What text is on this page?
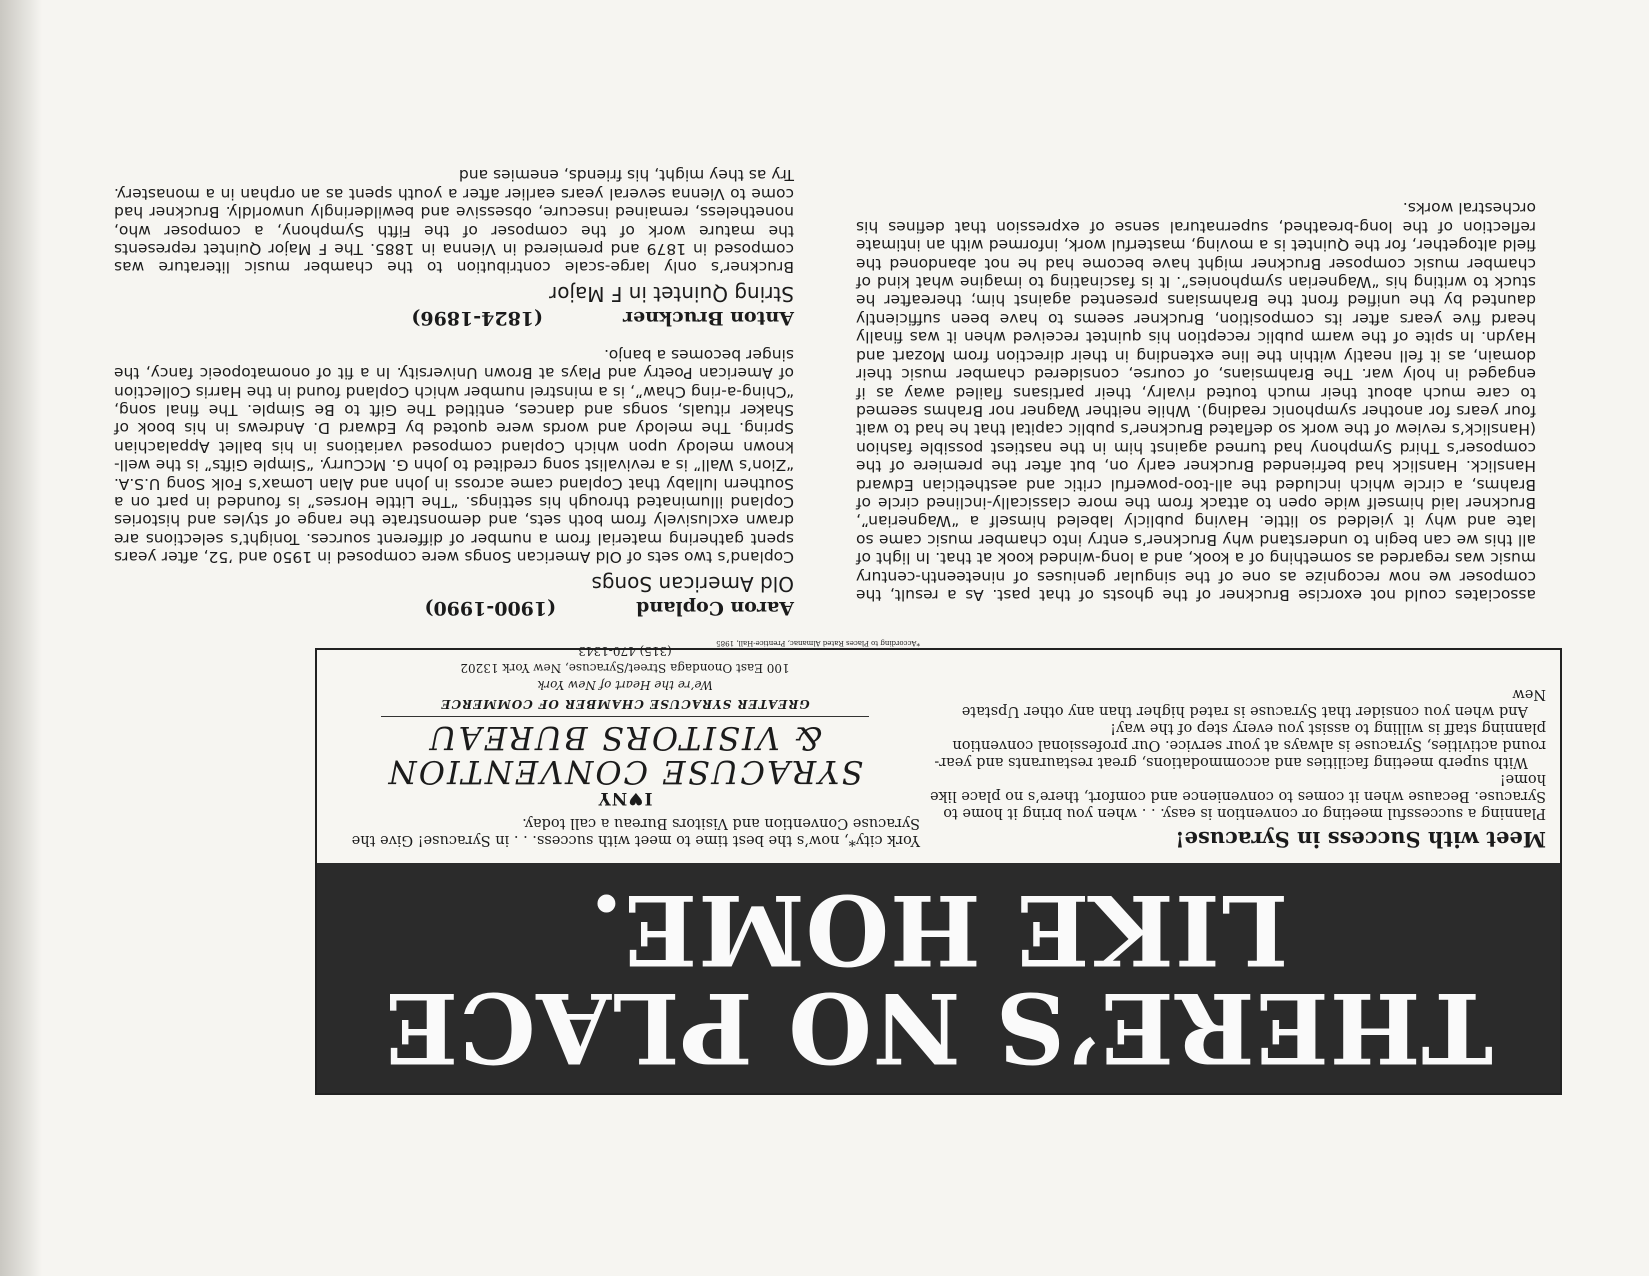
THERE’S NO PLACE
LIKE HOME.
Meet with Success in Syracuse!

Planning a successful meeting or convention is easy. . . when you bring it home to Syracuse. Because when it comes to convenience and comfort, there’s no place like home!

With superb meeting facilities and accommodations, great restaurants and year-round activities, Syracuse is always at your service. Our professional convention planning staff is willing to assist you every step of the way!

And when you consider that Syracuse is rated higher than any other Upstate New

York city*, now’s the best time to meet with success. . . in Syracuse! Give the Syracuse Convention and Visitors Bureau a call today.

I♥NY
SYRACUSE CONVENTION
& VISITORS BUREAU
GREATER SYRACUSE CHAMBER OF COMMERCE
We’re the Heart of New York
100 East Onondaga Street/Syracuse, New York 13202
(315) 470-1343
*According to Places Rated Almanac, Prentice-Hall, 1985

associates could not exorcise Bruckner of the ghosts of that past. As a result, the composer we now recognize as one of the singular geniuses of nineteenth-century music was regarded as something of a kook, and a long-winded kook at that. In light of all this we can begin to understand why Bruckner’s entry into chamber music came so late and why it yielded so little. Having publicly labeled himself a “Wagnerian”, Bruckner laid himself wide open to attack from the more classically-inclined circle of Brahms, a circle which included the all-too-powerful critic and aesthetician Edward Hanslick. Hanslick had befriended Bruckner early on, but after the premiere of the composer’s Third Symphony had turned against him in the nastiest possible fashion (Hanslick’s review of the work so deflated Bruckner’s public capital that he had to wait four years for another symphonic reading). While neither Wagner nor Brahms seemed to care much about their much touted rivalry, their partisans flailed away as if engaged in holy war. The Brahmsians, of course, considered chamber music their domain, as it fell neatly within the line extending in their direction from Mozart and Haydn. In spite of the warm public reception his quintet received when it was finally heard five years after its composition, Bruckner seems to have been sufficiently daunted by the unified front the Brahmsians presented against him; thereafter he stuck to writing his “Wagnerian symphonies”. It is fascinating to imagine what kind of chamber music composer Bruckner might have become had he not abandoned the field altogether, for the Quintet is a moving, masterful work, informed with an intimate reflection of the long-breathed, supernatural sense of expression that defines his orchestral works.

Aaron Copland
(1900-1990)
Old American Songs

Copland’s two sets of Old American Songs were composed in 1950 and ’52, after years spent gathering material from a number of different sources. Tonight’s selections are drawn exclusively from both sets, and demonstrate the range of styles and histories Copland illuminated through his settings. “The Little Horses” is founded in part on a Southern lullaby that Copland came across in John and Alan Lomax’s Folk Song U.S.A. “Zion’s Wall” is a revivalist song credited to John G. McCurry. “Simple Gifts” is the well-known melody upon which Copland composed variations in his ballet Appalachian Spring. The melody and words were quoted by Edward D. Andrews in his book of Shaker rituals, songs and dances, entitled The Gift to Be Simple. The final song, “Ching-a-ring Chaw”, is a minstrel number which Copland found in the Harris Collection of American Poetry and Plays at Brown University. In a fit of onomatopoeic fancy, the singer becomes a banjo.

Anton Bruckner
(1824-1896)
String Quintet in F Major

Bruckner’s only large-scale contribution to the chamber music literature was composed in 1879 and premiered in Vienna in 1885. The F Major Quintet represents the mature work of the composer of the Fifth Symphony, a composer who, nonetheless, remained insecure, obsessive and bewilderingly unworldly. Bruckner had come to Vienna several years earlier after a youth spent as an orphan in a monastery. Try as they might, his friends, enemies and
